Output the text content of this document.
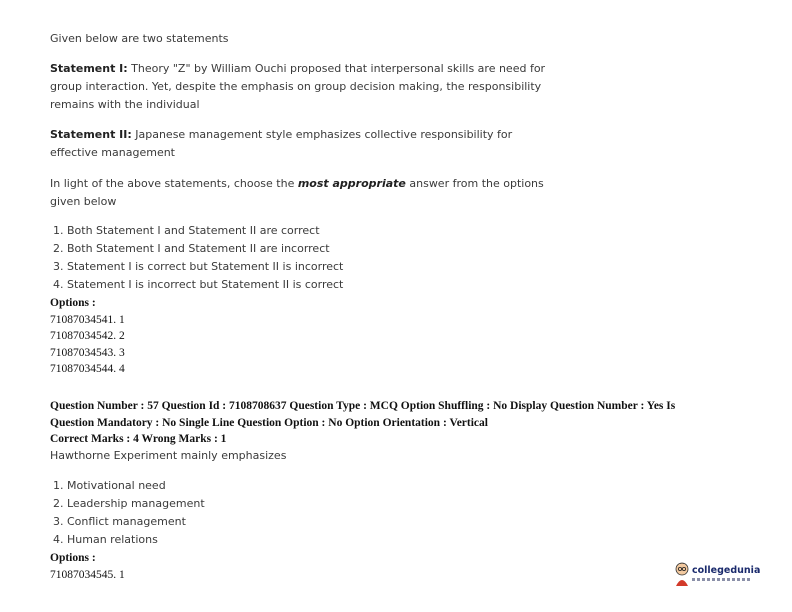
Given below are two statements
Statement I: Theory "Z" by William Ouchi proposed that interpersonal skills are need for group interaction. Yet, despite the emphasis on group decision making, the responsibility remains with the individual
Statement II: Japanese management style emphasizes collective responsibility for effective management
In light of the above statements, choose the most appropriate answer from the options given below
1. Both Statement I and Statement II are correct
2. Both Statement I and Statement II are incorrect
3. Statement I is correct but Statement II is incorrect
4. Statement I is incorrect but Statement II is correct
Options :
71087034541. 1
71087034542. 2
71087034543. 3
71087034544. 4
Question Number : 57 Question Id : 7108708637 Question Type : MCQ Option Shuffling : No Display Question Number : Yes Is
Question Mandatory : No Single Line Question Option : No Option Orientation : Vertical
Correct Marks : 4 Wrong Marks : 1
Hawthorne Experiment mainly emphasizes
1. Motivational need
2. Leadership management
3. Conflict management
4. Human relations
Options :
71087034545. 1	collegedunia
